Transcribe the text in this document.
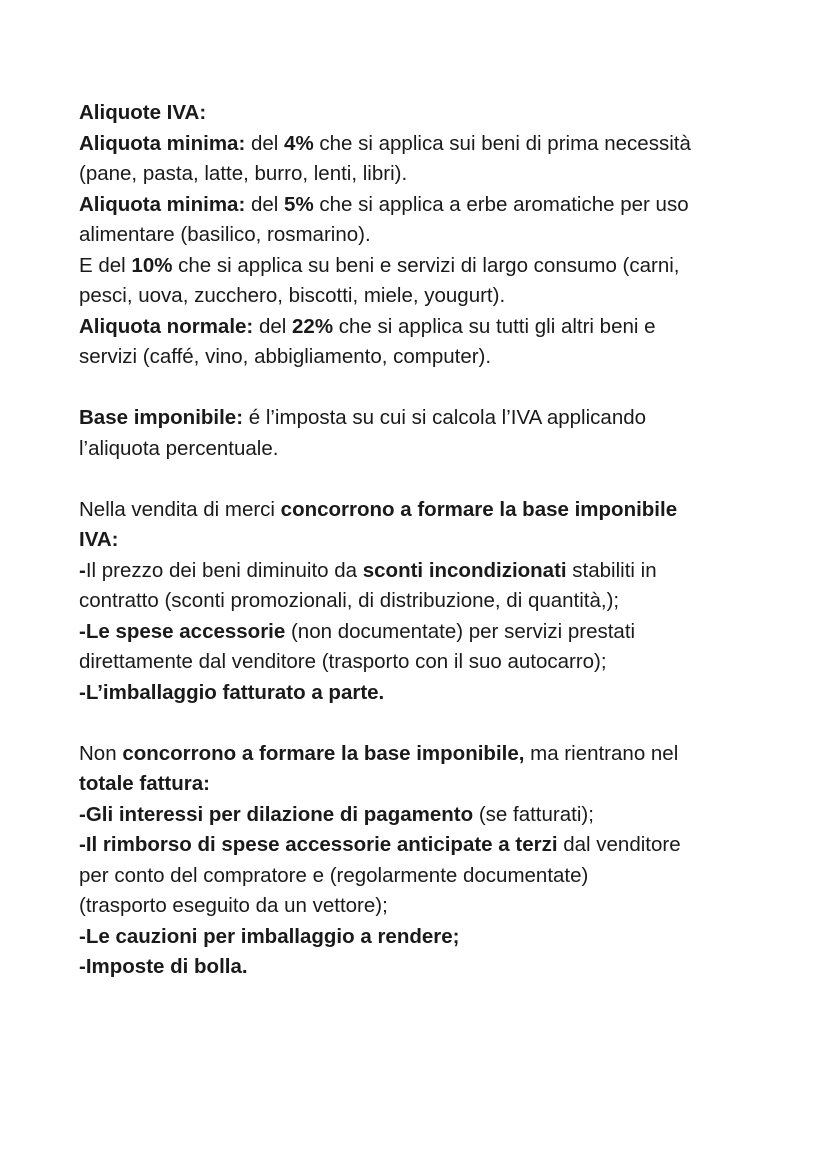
Aliquote IVA:
Aliquota minima: del 4% che si applica sui beni di prima necessità
(pane, pasta, latte, burro, lenti, libri).
Aliquota minima: del 5% che si applica a erbe aromatiche per uso
alimentare (basilico, rosmarino).
E del 10% che si applica su beni e servizi di largo consumo (carni,
pesci, uova, zucchero, biscotti, miele, yougurt).
Aliquota normale: del 22% che si applica su tutti gli altri beni e
servizi (caffé, vino, abbigliamento, computer).
Base imponibile: é l’imposta su cui si calcola l’IVA applicando
l’aliquota percentuale.
Nella vendita di merci concorrono a formare la base imponibile
IVA:
-Il prezzo dei beni diminuito da sconti incondizionati stabiliti in
contratto (sconti promozionali, di distribuzione, di quantità,);
-Le spese accessorie (non documentate) per servizi prestati
direttamente dal venditore (trasporto con il suo autocarro);
-L’imballaggio fatturato a parte.
Non concorrono a formare la base imponibile, ma rientrano nel
totale fattura:
-Gli interessi per dilazione di pagamento (se fatturati);
-Il rimborso di spese accessorie anticipate a terzi dal venditore
per conto del compratore e (regolarmente documentate)
(trasporto eseguito da un vettore);
-Le cauzioni per imballaggio a rendere;
-Imposte di bolla.
